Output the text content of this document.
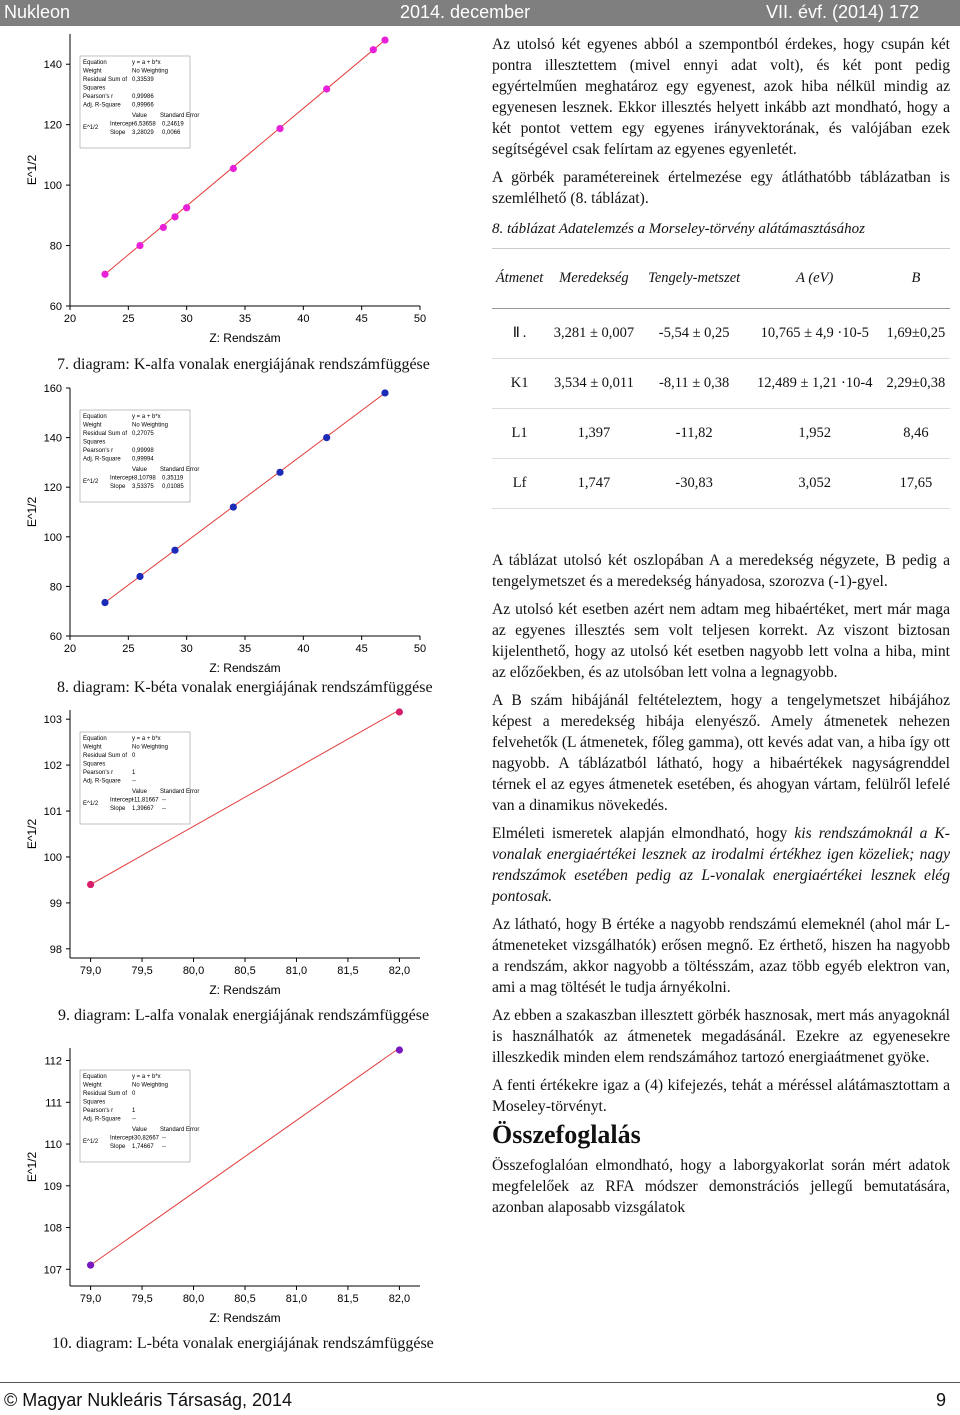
Nukleon	2014. december	VII. évf. (2014) 172
20	25	30	35	40	45	50
60
80
100
120
140
Z: Rendszám
E^1/2
Equation	y = a + b*x
Weight	No Weighting
Residual Sum of 0,33539
Squares
Pearson's r	0,99986
Adj. R-Square 0,99966
Value Standard Error
E^1/2
Intercept
-6,53658 0,24619
Slope 3,28029 0,0066
7. diagram: K-alfa vonalak energiájának rendszámfüggése
20	25	30	35	40	45	50
60
80
100
120
140
160
Z: Rendszám
E^1/2
Equation	y = a + b*x
Weight	No Weighting
Residual Sum of 0,27075
Squares
Pearson's r	0,99998
Adj. R-Square 0,99994
Value Standard Error
E^1/2
Intercept
-8,10798 0,35119
Slope 3,53375 0,01085
8. diagram: K-béta vonalak energiájának rendszámfüggése
79,0	79,5	80,0	80,5	81,0	81,5	82,0
98
99
100
101
102
103
Z: Rendszám
E^1/2
Equation	y = a + b*x
Weight	No Weighting
Residual Sum of 0
Squares
Pearson's r	1
Adj. R-Square --
Value Standard Error
E^1/2
Intercept
-11,81667 --
Slope 1,39667 --
9. diagram: L-alfa vonalak energiájának rendszámfüggése
79,0	79,5	80,0	80,5	81,0	81,5	82,0
107
108
109
110
111
112
Z: Rendszám
E^1/2
Equation	y = a + b*x
Weight	No Weighting
Residual Sum of 0
Squares
Pearson's r	1
Adj. R-Square --
Value Standard Error
E^1/2
Intercept
-30,82667 --
Slope 1,74667 --
10. diagram: L-béta vonalak energiájának rendszámfüggése

Az utolsó két egyenes abból a szempontból érdekes, hogy csupán két pontra illesztettem (mivel ennyi adat volt), és két pont pedig egyértelműen meghatároz egy egyenest, azok hiba nélkül mindig az egyenesen lesznek. Ekkor illesztés helyett inkább azt mondható, hogy a két pontot vettem egy egyenes irányvektorának, és valójában ezek segítségével csak felírtam az egyenes egyenletét.

A görbék paramétereinek értelmezése egy átláthatóbb táblázatban is szemlélhető (8. táblázat).

8. táblázat Adatelemzés a Morseley-törvény alátámasztásához
Átmenet	Meredekség	Tengely-metszet	A (eV)	B
Ⅱ .	3,281 ± 0,007	-5,54 ± 0,25	10,765 ± 4,9 ·10-5	1,69±0,25
K1	3,534 ± 0,011	-8,11 ± 0,38	12,489 ± 1,21 ·10-4	2,29±0,38
L1	1,397	-11,82	1,952	8,46
Lf	1,747	-30,83	3,052	17,65

A táblázat utolsó két oszlopában A a meredekség négyzete, B pedig a tengelymetszet és a meredekség hányadosa, szorozva (-1)-gyel.

Az utolsó két esetben azért nem adtam meg hibaértéket, mert már maga az egyenes illesztés sem volt teljesen korrekt. Az viszont biztosan kijelenthető, hogy az utolsó két esetben nagyobb lett volna a hiba, mint az előzőekben, és az utolsóban lett volna a legnagyobb.

A B szám hibájánál feltételeztem, hogy a tengelymetszet hibájához képest a meredekség hibája elenyésző. Amely átmenetek nehezen felvehetők (L átmenetek, főleg gamma), ott kevés adat van, a hiba így ott nagyobb. A táblázatból látható, hogy a hibaértékek nagyságrenddel térnek el az egyes átmenetek esetében, és ahogyan vártam, felülről lefelé van a dinamikus növekedés.

Elméleti ismeretek alapján elmondható, hogy kis rendszámoknál a K-vonalak energiaértékei lesznek az irodalmi értékhez igen közeliek; nagy rendszámok esetében pedig az L-vonalak energiaértékei lesznek elég pontosak.

Az látható, hogy B értéke a nagyobb rendszámú elemeknél (ahol már L-átmeneteket vizsgálhatók) erősen megnő. Ez érthető, hiszen ha nagyobb a rendszám, akkor nagyobb a töltésszám, azaz több egyéb elektron van, ami a mag töltését le tudja árnyékolni.

Az ebben a szakaszban illesztett görbék hasznosak, mert más anyagoknál is használhatók az átmenetek megadásánál. Ezekre az egyenesekre illeszkedik minden elem rendszámához tartozó energiaátmenet gyöke.

A fenti értékekre igaz a (4) kifejezés, tehát a méréssel alátámasztottam a Moseley-törvényt.

Összefoglalás

Összefoglalóan elmondható, hogy a laborgyakorlat során mért adatok megfelelőek az RFA módszer demonstrációs jellegű bemutatására, azonban alaposabb vizsgálatok

© Magyar Nukleáris Társaság, 2014	9
